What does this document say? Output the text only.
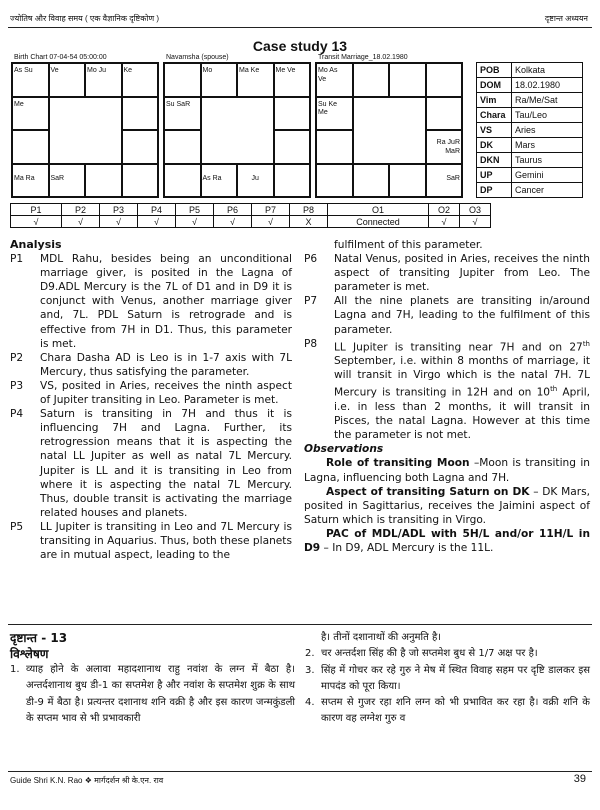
ज्योतिष और विवाह समय ( एक वैज्ञानिक दृष्टिकोण )	दृष्टान्त अध्ययन
Case study 13
Birth Chart 07-04-54 05:00:00	Navamsha (spouse)	Transit Marriage_18.02.1980
As Su	Ve	Mo Ju	Ke
Me
Ma Ra	SaR
Mo	Ma Ke	Me Ve
Su SaR
As Ra	Ju
Mo As
Ve
Su Ke
Me
Ra JuR
MaR
SaR
POB	Kolkata
DOM	18.02.1980
Vim	Ra/Me/Sat
Chara	Tau/Leo
VS	Aries
DK	Mars
DKN	Taurus
UP	Gemini
DP	Cancer
P1	P2	P3	P4	P5	P6	P7	P8	O1	O2	O3
√	√	√	√	√	√	√	X	Connected	√	√
Analysis
P1 MDL Rahu, besides being an unconditional marriage giver, is posited in the Lagna of D9.ADL Mercury is the 7L of D1 and in D9 it is conjunct with Venus, another marriage giver and, 7L. PDL Saturn is retrograde and is effective from 7H in D1. Thus, this parameter is met.
P2 Chara Dasha AD is Leo is in 1-7 axis with 7L Mercury, thus satisfying the parameter.
P3 VS, posited in Aries, receives the ninth aspect of Jupiter transiting in Leo. Parameter is met.
P4 Saturn is transiting in 7H and thus it is influencing 7H and Lagna. Further, its retrogression means that it is aspecting the natal LL Jupiter as well as natal 7L Mercury. Jupiter is LL and it is transiting in Leo from where it is aspecting the natal 7L Mercury. Thus, double transit is activating the marriage related houses and planets.
P5 LL Jupiter is transiting in Leo and 7L Mercury is transiting in Aquarius. Thus, both these planets are in mutual aspect, leading to the
fulfilment of this parameter.
P6 Natal Venus, posited in Aries, receives the ninth aspect of transiting Jupiter from Leo. The parameter is met.
P7 All the nine planets are transiting in/around Lagna and 7H, leading to the fulfilment of this parameter.
P8 LL Jupiter is transiting near 7H and on 27th September, i.e. within 8 months of marriage, it will transit in Virgo which is the natal 7H. 7L Mercury is transiting in 12H and on 10th April, i.e. in less than 2 months, it will transit in Pisces, the natal Lagna. However at this time the parameter is not met.
Observations
Role of transiting Moon –Moon is transiting in Lagna, influencing both Lagna and 7H.
Aspect of transiting Saturn on DK – DK Mars, posited in Sagittarius, receives the Jaimini aspect of Saturn which is transiting in Virgo.
PAC of MDL/ADL with 5H/L and/or 11H/L in D9 – In D9, ADL Mercury is the 11L.
दृष्टान्त - 13
विश्लेषण
1. व्याह होने के अलावा महादशानाथ राहु नवांश के लग्न में बैठा है। अन्तर्दशानाथ बुध डी-1 का सप्तमेश है और नवांश के सप्तमेश शुक्र के साथ डी-9 में बैठा है। प्रत्यन्तर दशानाथ शनि वक्री है और इस कारण जन्मकुंडली के सप्तम भाव से भी प्रभावकारी
है। तीनों दशानाथों की अनुमति है।
2. चर अन्तर्दशा सिंह की है जो सप्तमेश बुध से 1/7 अक्ष पर है।
3. सिंह में गोचर कर रहे गुरु ने मेष में स्थित विवाह सहम पर दृष्टि डालकर इस मापदंड को पूरा किया।
4. सप्तम से गुजर रहा शनि लग्न को भी प्रभावित कर रहा है। वक्री शनि के कारण वह लग्नेश गुरु व
Guide Shri K.N. Rao ❖ मार्गदर्शन श्री के.एन. राव	39
